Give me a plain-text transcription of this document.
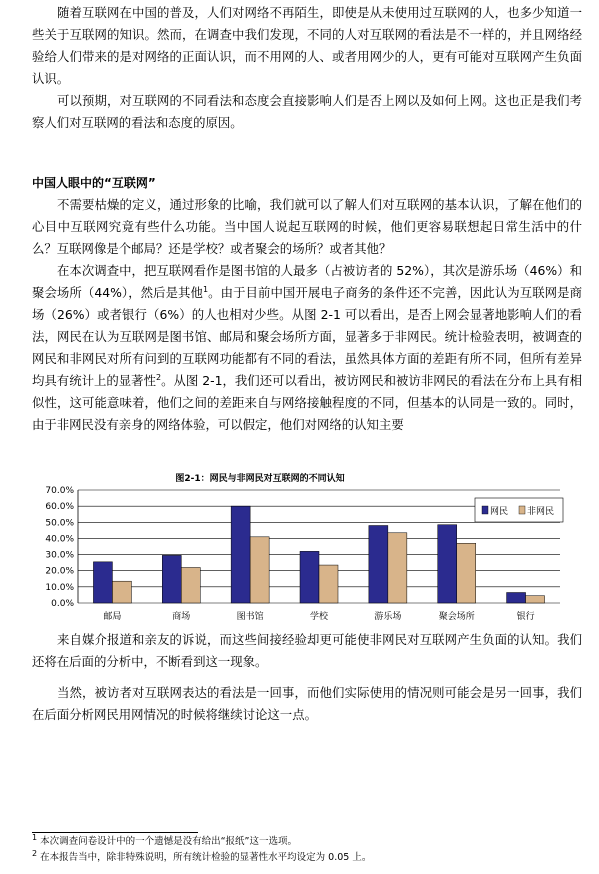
随着互联网在中国的普及，人们对网络不再陌生，即使是从未使用过互联网的人，也多少知道一些关于互联网的知识。然而，在调查中我们发现，不同的人对互联网的看法是不一样的，并且网络经验给人们带来的是对网络的正面认识，而不用网的人、或者用网少的人，更有可能对互联网产生负面认识。

可以预期，对互联网的不同看法和态度会直接影响人们是否上网以及如何上网。这也正是我们考察人们对互联网的看法和态度的原因。

中国人眼中的“互联网”

不需要枯燥的定义，通过形象的比喻，我们就可以了解人们对互联网的基本认识，了解在他们的心目中互联网究竟有些什么功能。当中国人说起互联网的时候，他们更容易联想起日常生活中的什么？互联网像是个邮局？还是学校？或者聚会的场所？或者其他？

在本次调查中，把互联网看作是图书馆的人最多（占被访者的 52%），其次是游乐场（46%）和聚会场所（44%），然后是其他$^1$。由于目前中国开展电子商务的条件还不完善，因此认为互联网是商场（26%）或者银行（6%）的人也相对少些。从图 2-1 可以看出，是否上网会显著地影响人们的看法，网民在认为互联网是图书馆、邮局和聚会场所方面，显著多于非网民。统计检验表明，被调查的网民和非网民对所有问到的互联网功能都有不同的看法，虽然具体方面的差距有所不同，但所有差异均具有统计上的显著性$^2$。从图 2-1，我们还可以看出，被访网民和被访非网民的看法在分布上具有相似性，这可能意味着，他们之间的差距来自与网络接触程度的不同，但基本的认同是一致的。同时，由于非网民没有亲身的网络体验，可以假定，他们对网络的认知主要

图2-1：网民与非网民对互联网的不同认知
0.0%
10.0%
20.0%
30.0%
40.0%
50.0%
60.0%
70.0%
邮局	商场	图书馆	学校	游乐场	聚会场所	银行
网民 非网民

来自媒介报道和亲友的诉说，而这些间接经验却更可能使非网民对互联网产生负面的认知。我们还将在后面的分析中，不断看到这一现象。

当然，被访者对互联网表达的看法是一回事，而他们实际使用的情况则可能会是另一回事，我们在后面分析网民用网情况的时候将继续讨论这一点。

$^1$ 本次调查问卷设计中的一个遗憾是没有给出“报纸”这一选项。
$^2$ 在本报告当中，除非特殊说明，所有统计检验的显著性水平均设定为 0.05 上。
